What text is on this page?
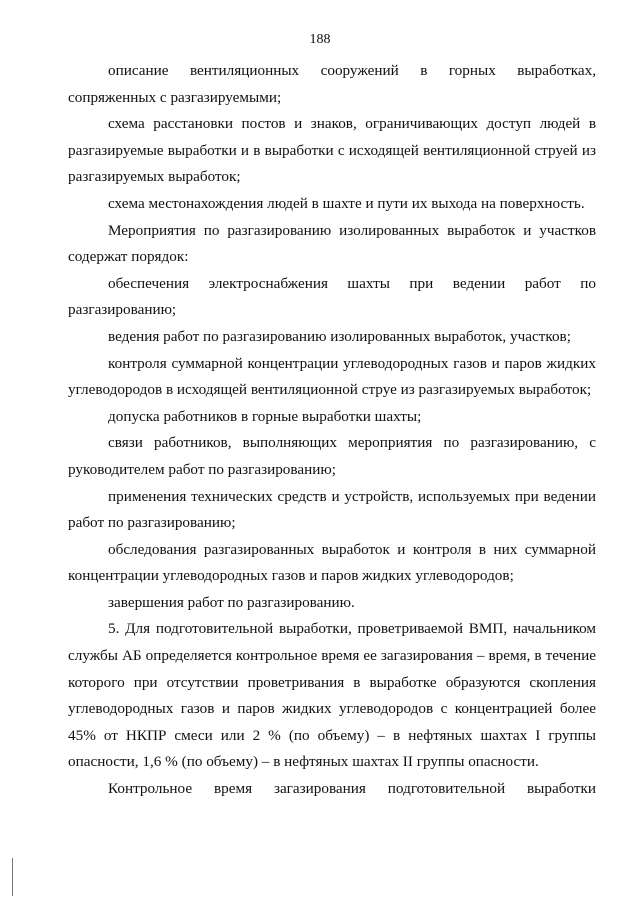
188

описание вентиляционных сооружений в горных выработках, сопряженных с разгазируемыми;

схема расстановки постов и знаков, ограничивающих доступ людей в разгазируемые выработки и в выработки с исходящей вентиляционной струей из разгазируемых выработок;

схема местонахождения людей в шахте и пути их выхода на поверхность.

Мероприятия по разгазированию изолированных выработок и участков содержат порядок:

обеспечения электроснабжения шахты при ведении работ по разгазированию;

ведения работ по разгазированию изолированных выработок, участков;

контроля суммарной концентрации углеводородных газов и паров жидких углеводородов в исходящей вентиляционной струе из разгазируемых выработок;

допуска работников в горные выработки шахты;

связи работников, выполняющих мероприятия по разгазированию, с руководителем работ по разгазированию;

применения технических средств и устройств, используемых при ведении работ по разгазированию;

обследования разгазированных выработок и контроля в них суммарной концентрации углеводородных газов и паров жидких углеводородов;

завершения работ по разгазированию.

5. Для подготовительной выработки, проветриваемой ВМП, начальником службы АБ определяется контрольное время ее загазирования – время, в течение которого при отсутствии проветривания в выработке образуются скопления углеводородных газов и паров жидких углеводородов с концентрацией более 45% от НКПР смеси или 2 % (по объему) – в нефтяных шахтах I группы опасности, 1,6 % (по объему) – в нефтяных шахтах II группы опасности.

Контрольное время загазирования подготовительной выработки
